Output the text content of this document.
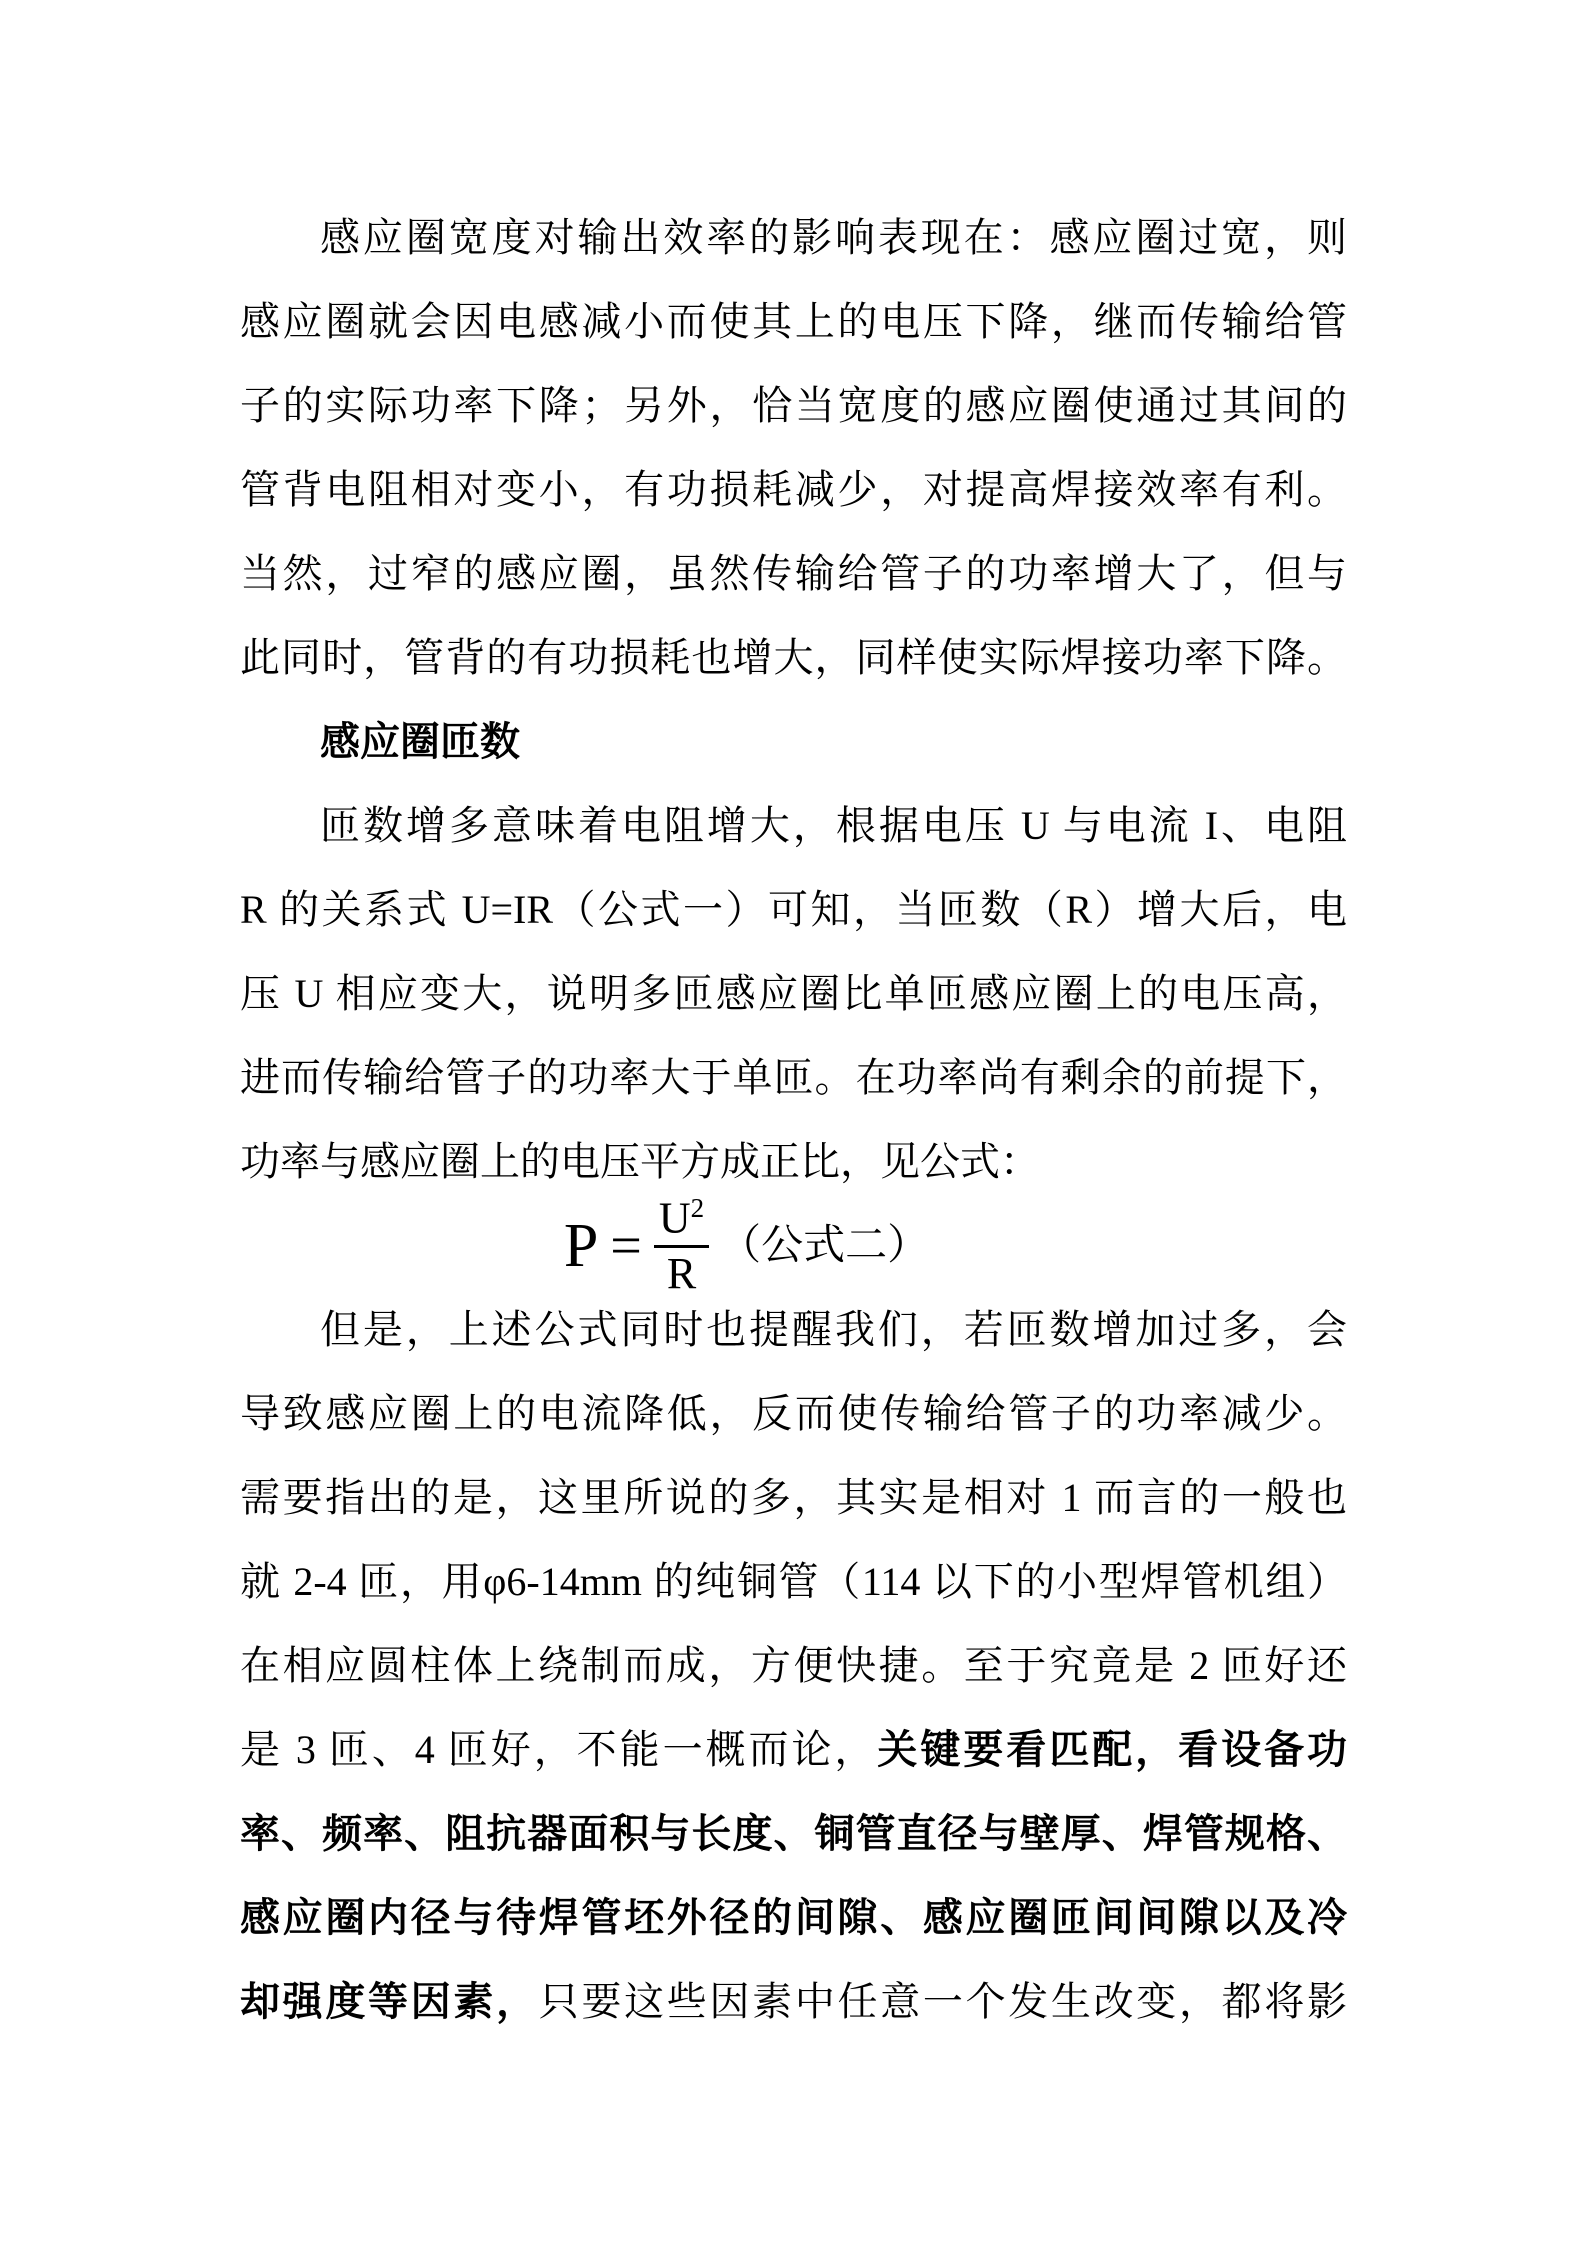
感应圈宽度对输出效率的影响表现在：感应圈过宽，则
感应圈就会因电感减小而使其上的电压下降，继而传输给管
子的实际功率下降；另外，恰当宽度的感应圈使通过其间的
管背电阻相对变小，有功损耗减少，对提高焊接效率有利。
当然，过窄的感应圈，虽然传输给管子的功率增大了，但与
此同时，管背的有功损耗也增大，同样使实际焊接功率下降。
感应圈匝数
匝数增多意味着电阻增大，根据电压 U 与电流 I、电阻
R 的关系式 U=IR（公式一）可知，当匝数（R）增大后，电
压 U 相应变大，说明多匝感应圈比单匝感应圈上的电压高，
进而传输给管子的功率大于单匝。在功率尚有剩余的前提下，
功率与感应圈上的电压平方成正比，见公式：
$P = \frac{U^2}{R}$ （公式二）
但是，上述公式同时也提醒我们，若匝数增加过多，会
导致感应圈上的电流降低，反而使传输给管子的功率减少。
需要指出的是，这里所说的多，其实是相对 1 而言的一般也
就 2-4 匝，用φ6-14mm 的纯铜管（114 以下的小型焊管机组）
在相应圆柱体上绕制而成，方便快捷。至于究竟是 2 匝好还
是 3 匝、4 匝好，不能一概而论，关键要看匹配，看设备功
率、频率、阻抗器面积与长度、铜管直径与壁厚、焊管规格、
感应圈内径与待焊管坯外径的间隙、感应圈匝间间隙以及冷
却强度等因素，只要这些因素中任意一个发生改变，都将影
